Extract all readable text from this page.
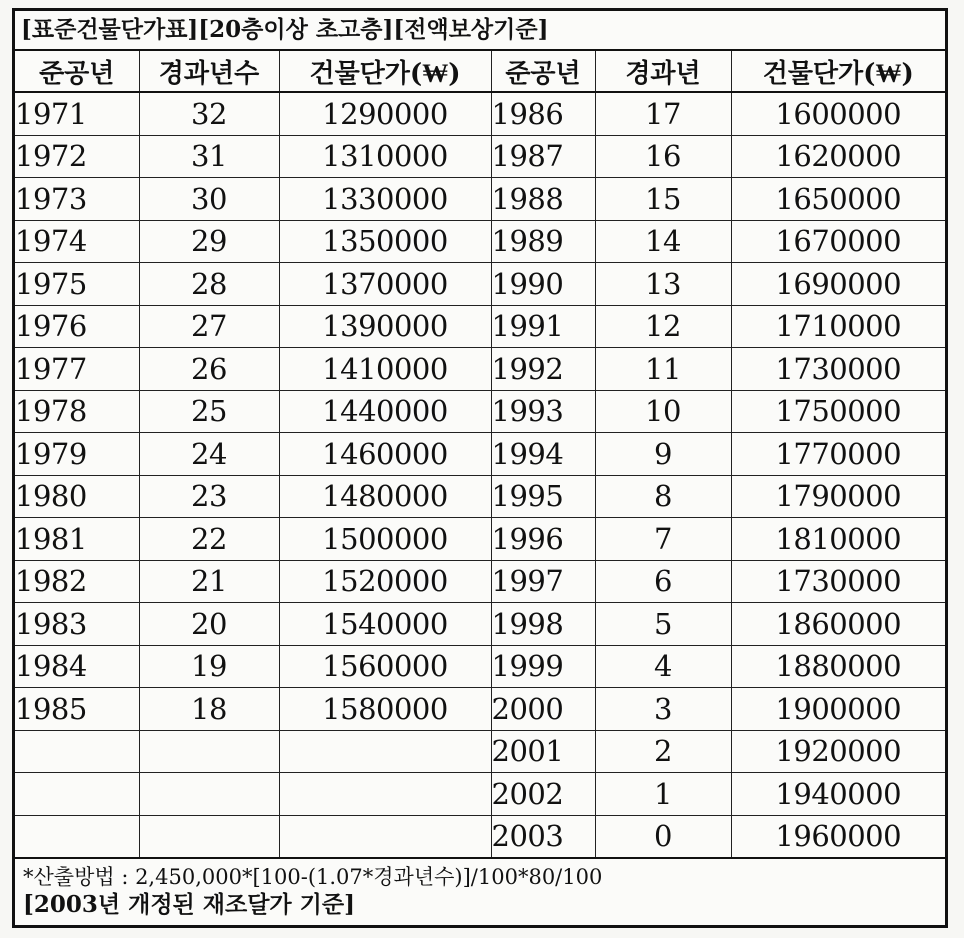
[표준건물단가표][20층이상 초고층][전액보상기준]
준공년	경과년수	건물단가(₩)	준공년	경과년	건물단가(₩)
1971	32	1290000	1986	17	1600000
1972	31	1310000	1987	16	1620000
1973	30	1330000	1988	15	1650000
1974	29	1350000	1989	14	1670000
1975	28	1370000	1990	13	1690000
1976	27	1390000	1991	12	1710000
1977	26	1410000	1992	11	1730000
1978	25	1440000	1993	10	1750000
1979	24	1460000	1994	9	1770000
1980	23	1480000	1995	8	1790000
1981	22	1500000	1996	7	1810000
1982	21	1520000	1997	6	1730000
1983	20	1540000	1998	5	1860000
1984	19	1560000	1999	4	1880000
1985	18	1580000	2000	3	1900000
			2001	2	1920000
			2002	1	1940000
			2003	0	1960000
*산출방법 : 2,450,000*[100-(1.07*경과년수)]/100*80/100
[2003년 개정된 재조달가 기준]
